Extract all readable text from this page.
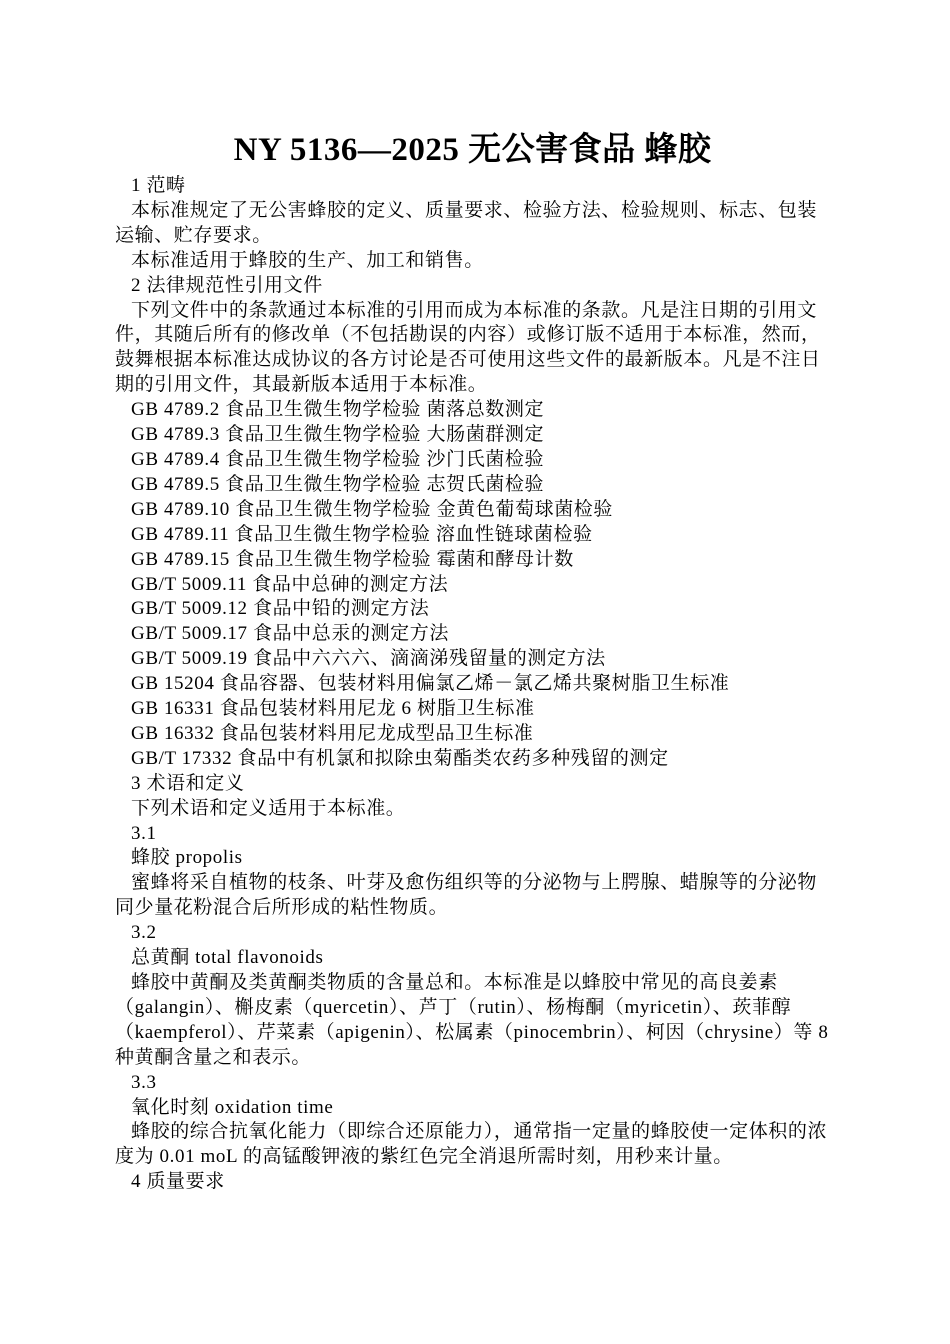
NY 5136—2025 无公害食品 蜂胶

1 范畴

本标准规定了无公害蜂胶的定义、质量要求、检验方法、检验规则、标志、包装 运输、贮存要求。

本标准适用于蜂胶的生产、加工和销售。

2 法律规范性引用文件

下列文件中的条款通过本标准的引用而成为本标准的条款。凡是注日期的引用文件，其随后所有的修改单（不包括勘误的内容）或修订版不适用于本标准，然而，鼓舞根据本标准达成协议的各方讨论是否可使用这些文件的最新版本。凡是不注日期的引用文件，其最新版本适用于本标准。

GB 4789.2 食品卫生微生物学检验 菌落总数测定
GB 4789.3 食品卫生微生物学检验 大肠菌群测定
GB 4789.4 食品卫生微生物学检验 沙门氏菌检验
GB 4789.5 食品卫生微生物学检验 志贺氏菌检验
GB 4789.10 食品卫生微生物学检验 金黄色葡萄球菌检验
GB 4789.11 食品卫生微生物学检验 溶血性链球菌检验
GB 4789.15 食品卫生微生物学检验 霉菌和酵母计数
GB/T 5009.11 食品中总砷的测定方法
GB/T 5009.12 食品中铅的测定方法
GB/T 5009.17 食品中总汞的测定方法
GB/T 5009.19 食品中六六六、滴滴涕残留量的测定方法
GB 15204 食品容器、包装材料用偏氯乙烯－氯乙烯共聚树脂卫生标准
GB 16331 食品包装材料用尼龙 6 树脂卫生标准
GB 16332 食品包装材料用尼龙成型品卫生标准
GB/T 17332 食品中有机氯和拟除虫菊酯类农药多种残留的测定

3 术语和定义

下列术语和定义适用于本标准。

3.1

蜂胶 propolis

蜜蜂将采自植物的枝条、叶芽及愈伤组织等的分泌物与上腭腺、蜡腺等的分泌物同少量花粉混合后所形成的粘性物质。

3.2

总黄酮 total flavonoids

蜂胶中黄酮及类黄酮类物质的含量总和。本标准是以蜂胶中常见的高良姜素（galangin）、槲皮素（quercetin）、芦丁（rutin）、杨梅酮（myricetin）、莰菲醇（kaempferol）、芹菜素（apigenin）、松属素（pinocembrin）、柯因（chrysine）等 8 种黄酮含量之和表示。

3.3

氧化时刻 oxidation time

蜂胶的综合抗氧化能力（即综合还原能力），通常指一定量的蜂胶使一定体积的浓度为 0.01 moL 的高锰酸钾液的紫红色完全消退所需时刻，用秒来计量。

4 质量要求
